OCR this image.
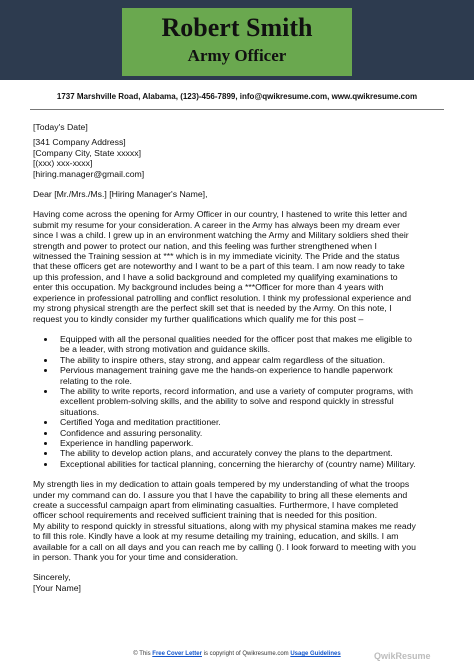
Robert Smith
Army Officer
1737 Marshville Road, Alabama, (123)-456-7899, info@qwikresume.com, www.qwikresume.com

[Today's Date]

[341 Company Address]
[Company City, State xxxxx]
[(xxx) xxx-xxxx]
[hiring.manager@gmail.com]

Dear [Mr./Mrs./Ms.] [Hiring Manager's Name],

Having come across the opening for Army Officer in our country, I hastened to write this letter and
submit my resume for your consideration. A career in the Army has always been my dream ever
since I was a child. I grew up in an environment watching the Army and Military soldiers shed their
strength and power to protect our nation, and this feeling was further strengthened when I
witnessed the Training session at *** which is in my immediate vicinity. The Pride and the status
that these officers get are noteworthy and I want to be a part of this team. I am now ready to take
up this profession, and I have a solid background and completed my qualifying examinations to
enter this occupation. My background includes being a ***Officer for more than 4 years with
experience in professional patrolling and conflict resolution. I think my professional experience and
my strong physical strength are the perfect skill set that is needed by the Army. On this note, I
request you to kindly consider my further qualifications which qualify me for this post –
• Equipped with all the personal qualities needed for the officer post that makes me eligible to
be a leader, with strong motivation and guidance skills.
• The ability to inspire others, stay strong, and appear calm regardless of the situation.
• Pervious management training gave me the hands-on experience to handle paperwork
relating to the role.
• The ability to write reports, record information, and use a variety of computer programs, with
excellent problem-solving skills, and the ability to solve and respond quickly in stressful
situations.
• Certified Yoga and meditation practitioner.
• Confidence and assuring personality.
• Experience in handling paperwork.
• The ability to develop action plans, and accurately convey the plans to the department.
• Exceptional abilities for tactical planning, concerning the hierarchy of (country name) Military.
My strength lies in my dedication to attain goals tempered by my understanding of what the troops
under my command can do. I assure you that I have the capability to bring all these elements and
create a successful campaign apart from eliminating casualties. Furthermore, I have completed
officer school requirements and received sufficient training that is needed for this position.
My ability to respond quickly in stressful situations, along with my physical stamina makes me ready
to fill this role. Kindly have a look at my resume detailing my training, education, and skills. I am
available for a call on all days and you can reach me by calling (). I look forward to meeting with you
in person. Thank you for your time and consideration.

Sincerely,

[Your Name]

© This Free Cover Letter is copyright of Qwikresume.com Usage Guidelines	QwikResume
